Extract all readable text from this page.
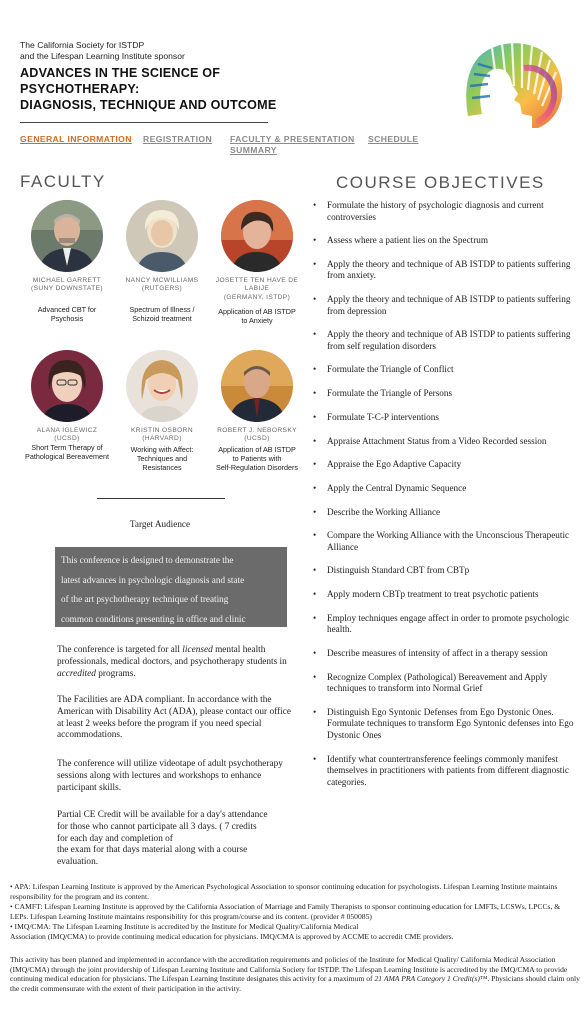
The California Society for ISTDP
and the Lifespan Learning Institute sponsor
ADVANCES IN THE SCIENCE OF
PSYCHOTHERAPY:
DIAGNOSIS, TECHNIQUE AND OUTCOME
GENERAL INFORMATION REGISTRATION FACULTY & PRESENTATION
SUMMARY
SCHEDULE
FACULTY
MICHAEL GARRETT
(SUNY DOWNSTATE)
Advanced CBT for
Psychosis
NANCY MCWILLIAMS
(RUTGERS)
Spectrum of Illness /
Schizoid treatment
JOSETTE TEN HAVE DE
LABIJE
(GERMANY, ISTDP)
Application of AB ISTDP
to Anxiety
ALANA IGLEWICZ
(UCSD)
Short Term Therapy of
Pathological Bereavement
KRISTIN OSBORN
(HARVARD)
Working with Affect:
Techniques and
Resistances
ROBERT J. NEBORSKY
(UCSD)
Application of AB ISTDP
to Patients with
Self-Regulation Disorders
Target Audience
This conference is designed to demonstrate the
latest advances in psychologic diagnosis and state
of the art psychotherapy technique of treating
common conditions presenting in office and clinic
The conference is targeted for all licensed mental health professionals, medical doctors, and psychotherapy students in accredited programs.
The Facilities are ADA compliant. In accordance with the American with Disability Act (ADA), please contact our office at least 2 weeks before the program if you need special accommodations.
The conference will utilize videotape of adult psychotherapy sessions along with lectures and workshops to enhance participant skills.
Partial CE Credit will be available for a day's attendance
for those who cannot participate all 3 days. ( 7 credits
for each day and completion of
the exam for that days material along with a course
evaluation.
COURSE OBJECTIVES
• Formulate the history of psychologic diagnosis and current controversies
• Assess where a patient lies on the Spectrum
• Apply the theory and technique of AB ISTDP to patients suffering from anxiety.
• Apply the theory and technique of AB ISTDP to patients suffering from depression
• Apply the theory and technique of AB ISTDP to patients suffering from self regulation disorders
• Formulate the Triangle of Conflict
• Formulate the Triangle of Persons
• Formulate T-C-P interventions
• Appraise Attachment Status from a Video Recorded session
• Appraise the Ego Adaptive Capacity
• Apply the Central Dynamic Sequence
• Describe the Working Alliance
• Compare the Working Alliance with the Unconscious Therapeutic Alliance
• Distinguish Standard CBT from CBTp
• Apply modern CBTp treatment to treat psychotic patients
• Employ techniques engage affect in order to promote psychologic health.
• Describe measures of intensity of affect in a therapy session
• Recognize Complex (Pathological) Bereavement and Apply techniques to transform into Normal Grief
• Distinguish Ego Syntonic Defenses from Ego Dystonic Ones. Formulate techniques to transform Ego Syntonic defenses into Ego Dystonic Ones
• Identify what countertransference feelings commonly manifest themselves in practitioners with patients from different diagnostic categories.
• APA: Lifespan Learning Institute is approved by the American Psychological Association to sponsor continuing education for psychologists. Lifespan Learning Institute maintains responsibility for the program and its content.
• CAMFT: Lifespan Learning Institute is approved by the California Association of Marriage and Family Therapists to sponsor continuing education for LMFTs, LCSWs, LPCCs, & LEPs. Lifespan Learning Institute maintains responsibility for this program/course and its content. (provider # 050085)
• IMQ/CMA: The Lifespan Learning Institute is accredited by the Institute for Medical Quality/California Medical
Association (IMQ/CMA) to provide continuing medical education for physicians. IMQ/CMA is approved by ACCME to accredit CME providers.
This activity has been planned and implemented in accordance with the accreditation requirements and policies of the Institute for Medical Quality/ California Medical Association (IMQ/CMA) through the joint providership of Lifespan Learning Institute and California Society for ISTDP. The Lifespan Learning Institute is accredited by the IMQ/CMA to provide continuing medical education for physicians. The Lifespan Learning Institute designates this activity for a maximum of 21 AMA PRA Category 1 Credit(s)™. Physicians should claim only the credit commensurate with the extent of their participation in the activity.
